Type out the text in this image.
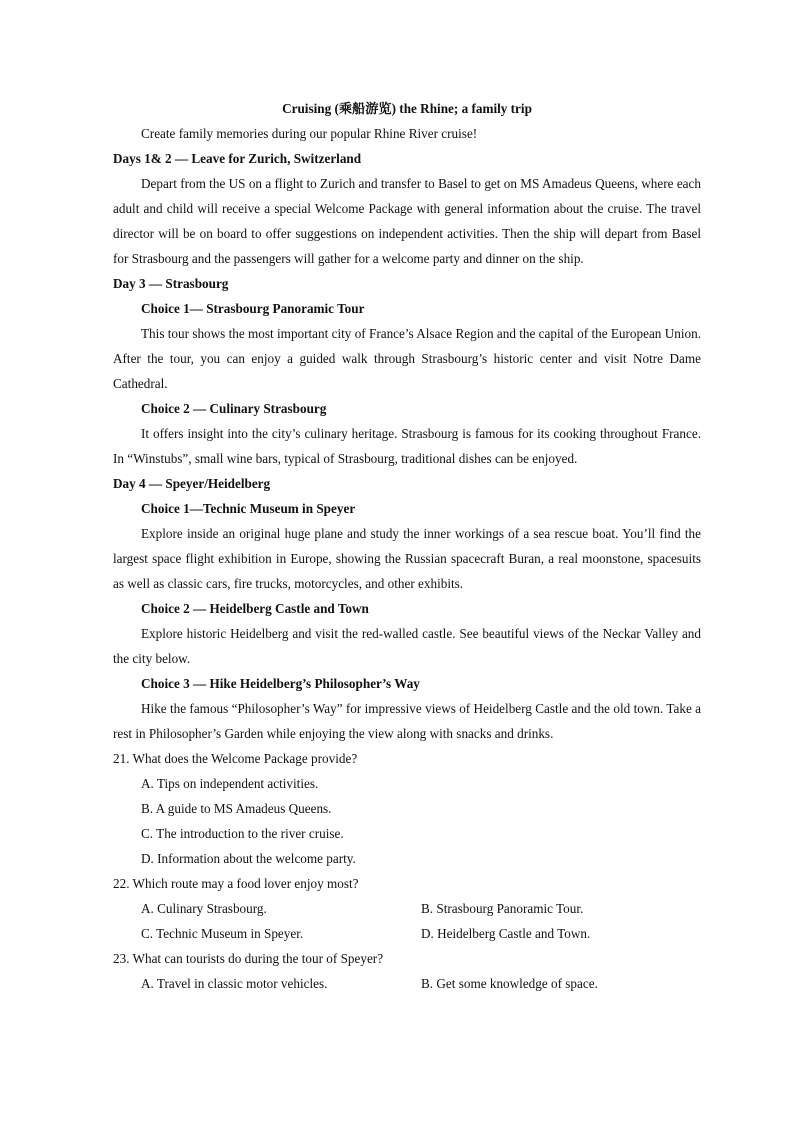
Cruising (乘船游览) the Rhine; a family trip

Create family memories during our popular Rhine River cruise!

Days 1& 2 — Leave for Zurich, Switzerland

Depart from the US on a flight to Zurich and transfer to Basel to get on MS Amadeus Queens, where each adult and child will receive a special Welcome Package with general information about the cruise. The travel director will be on board to offer suggestions on independent activities. Then the ship will depart from Basel for Strasbourg and the passengers will gather for a welcome party and dinner on the ship.

Day 3 — Strasbourg

Choice 1— Strasbourg Panoramic Tour

This tour shows the most important city of France’s Alsace Region and the capital of the European Union. After the tour, you can enjoy a guided walk through Strasbourg’s historic center and visit Notre Dame Cathedral.

Choice 2 — Culinary Strasbourg

It offers insight into the city’s culinary heritage. Strasbourg is famous for its cooking throughout France. In “Winstubs”, small wine bars, typical of Strasbourg, traditional dishes can be enjoyed.

Day 4 — Speyer/Heidelberg

Choice 1—Technic Museum in Speyer

Explore inside an original huge plane and study the inner workings of a sea rescue boat. You’ll find the largest space flight exhibition in Europe, showing the Russian spacecraft Buran, a real moonstone, spacesuits as well as classic cars, fire trucks, motorcycles, and other exhibits.

Choice 2 — Heidelberg Castle and Town

Explore historic Heidelberg and visit the red-walled castle. See beautiful views of the Neckar Valley and the city below.

Choice 3 — Hike Heidelberg’s Philosopher’s Way

Hike the famous “Philosopher’s Way” for impressive views of Heidelberg Castle and the old town. Take a rest in Philosopher’s Garden while enjoying the view along with snacks and drinks.

21. What does the Welcome Package provide?

A. Tips on independent activities.

B. A guide to MS Amadeus Queens.

C. The introduction to the river cruise.

D. Information about the welcome party.

22. Which route may a food lover enjoy most?

A. Culinary Strasbourg.	B. Strasbourg Panoramic Tour.
C. Technic Museum in Speyer.	D. Heidelberg Castle and Town.

23. What can tourists do during the tour of Speyer?

A. Travel in classic motor vehicles.	B. Get some knowledge of space.
